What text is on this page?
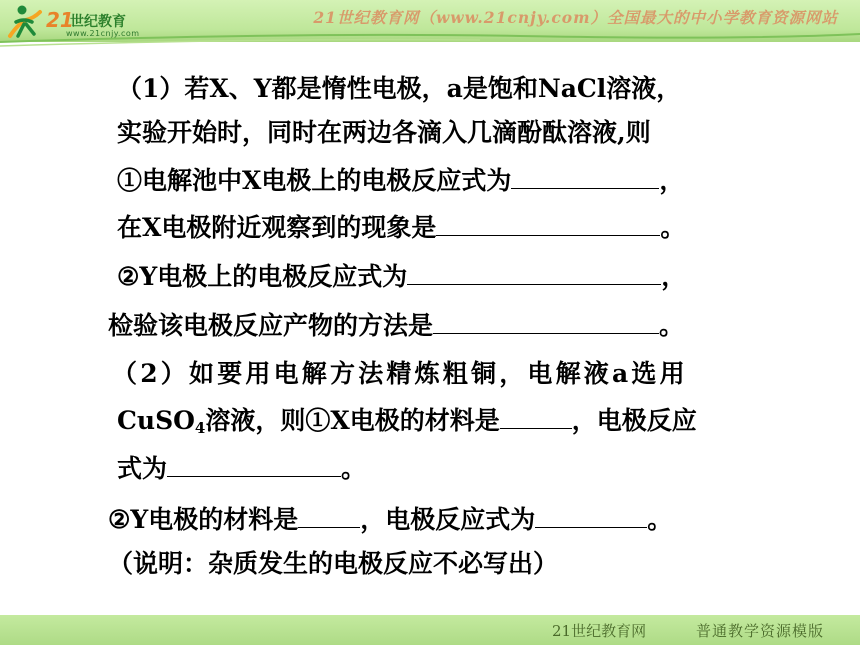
21
世纪教育
www.21cnjy.com
21世纪教育网（www.21cnjy.com）全国最大的中小学教育资源网站
（1）若X、Y都是惰性电极，a是饱和NaCl溶液，
实验开始时，同时在两边各滴入几滴酚酞溶液,则
①电解池中X电极上的电极反应式为	，
在X电极附近观察到的现象是	。
②Y电极上的电极反应式为	，
检验该电极反应产物的方法是	。
（2）如要用电解方法精炼粗铜，电解液a选用
CuSO$_4$溶液，则①X电极的材料是	，电极反应
式为	。
②Y电极的材料是 ，电极反应式为	。
（说明：杂质发生的电极反应不必写出）
21世纪教育网	普通教学资源模版
